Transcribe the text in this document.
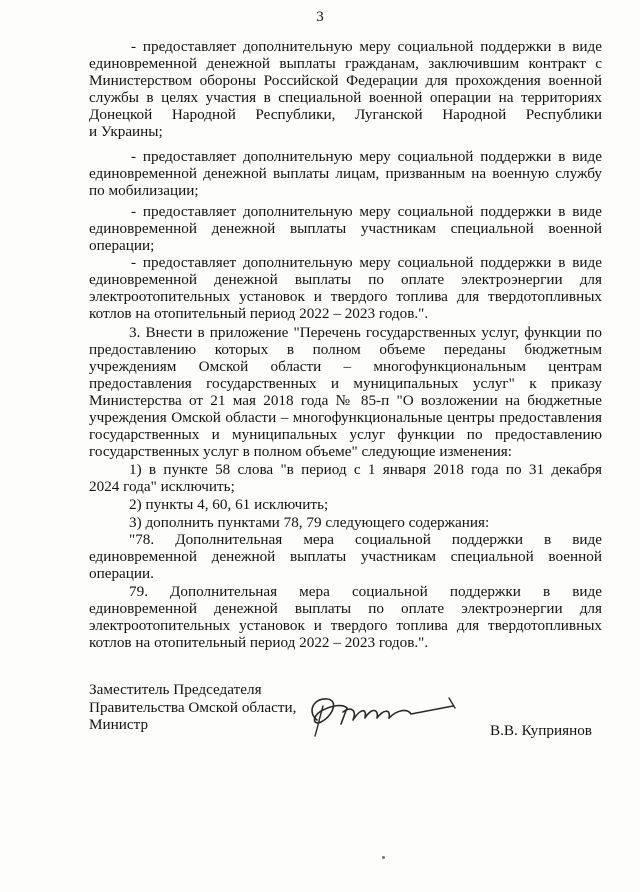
3
- предоставляет дополнительную меру социальной поддержки в виде
единовременной денежной выплаты гражданам, заключившим контракт с
Министерством обороны Российской Федерации для прохождения военной
службы в целях участия в специальной военной операции на территориях
Донецкой Народной Республики, Луганской Народной Республики
и Украины;
- предоставляет дополнительную меру социальной поддержки в виде
единовременной денежной выплаты лицам, призванным на военную службу
по мобилизации;
- предоставляет дополнительную меру социальной поддержки в виде
единовременной денежной выплаты участникам специальной военной
операции;
- предоставляет дополнительную меру социальной поддержки в виде
единовременной денежной выплаты по оплате электроэнергии для
электроотопительных установок и твердого топлива для твердотопливных
котлов на отопительный период 2022 – 2023 годов.".
3. Внести в приложение "Перечень государственных услуг, функции по
предоставлению которых в полном объеме переданы бюджетным
учреждениям Омской области – многофункциональным центрам
предоставления государственных и муниципальных услуг" к приказу
Министерства от 21 мая 2018 года № 85-п "О возложении на бюджетные
учреждения Омской области – многофункциональные центры предоставления
государственных и муниципальных услуг функции по предоставлению
государственных услуг в полном объеме" следующие изменения:
1) в пункте 58 слова "в период с 1 января 2018 года по 31 декабря
2024 года" исключить;
2) пункты 4, 60, 61 исключить;
3) дополнить пунктами 78, 79 следующего содержания:
"78. Дополнительная мера социальной поддержки в виде
единовременной денежной выплаты участникам специальной военной
операции.
79. Дополнительная мера социальной поддержки в виде
единовременной денежной выплаты по оплате электроэнергии для
электроотопительных установок и твердого топлива для твердотопливных
котлов на отопительный период 2022 – 2023 годов.".
Заместитель Председателя
Правительства Омской области,
Министр	В.В. Куприянов
